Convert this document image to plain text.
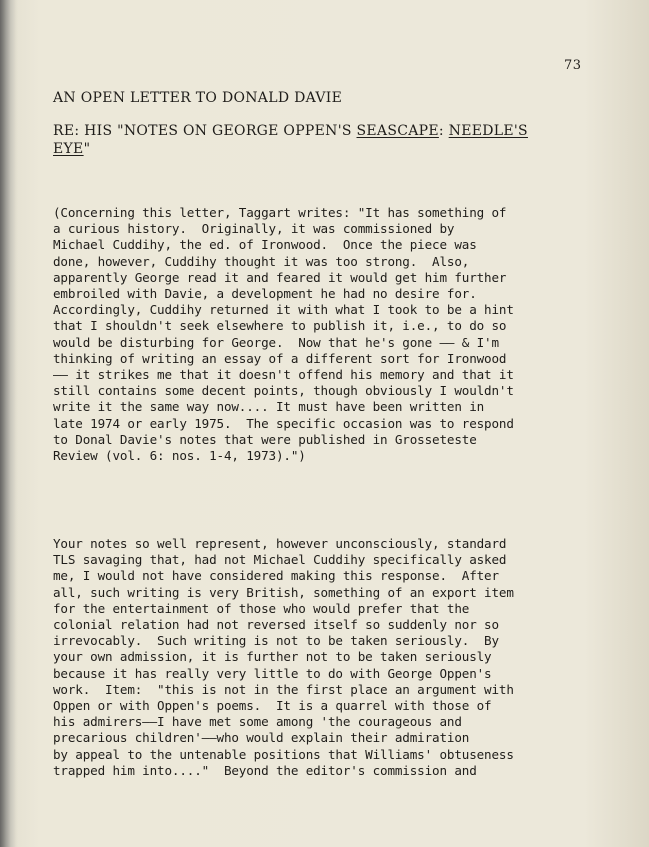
73
AN OPEN LETTER TO DONALD DAVIE
RE: HIS "NOTES ON GEORGE OPPEN'S SEASCAPE: NEEDLE'S
EYE"
(Concerning this letter, Taggart writes: "It has something of
a curious history.  Originally, it was commissioned by
Michael Cuddihy, the ed. of Ironwood.  Once the piece was
done, however, Cuddihy thought it was too strong.  Also,
apparently George read it and feared it would get him further
embroiled with Davie, a development he had no desire for.
Accordingly, Cuddihy returned it with what I took to be a hint
that I shouldn't seek elsewhere to publish it, i.e., to do so
would be disturbing for George.  Now that he's gone —— & I'm
thinking of writing an essay of a different sort for Ironwood
—— it strikes me that it doesn't offend his memory and that it
still contains some decent points, though obviously I wouldn't
write it the same way now.... It must have been written in
late 1974 or early 1975.  The specific occasion was to respond
to Donal Davie's notes that were published in Grosseteste
Review (vol. 6: nos. 1-4, 1973).")
Your notes so well represent, however unconsciously, standard
TLS savaging that, had not Michael Cuddihy specifically asked
me, I would not have considered making this response.  After
all, such writing is very British, something of an export item
for the entertainment of those who would prefer that the
colonial relation had not reversed itself so suddenly nor so
irrevocably.  Such writing is not to be taken seriously.  By
your own admission, it is further not to be taken seriously
because it has really very little to do with George Oppen's
work.  Item:  "this is not in the first place an argument with
Oppen or with Oppen's poems.  It is a quarrel with those of
his admirers——I have met some among 'the courageous and
precarious children'——who would explain their admiration
by appeal to the untenable positions that Williams' obtuseness
trapped him into...."  Beyond the editor's commission and
